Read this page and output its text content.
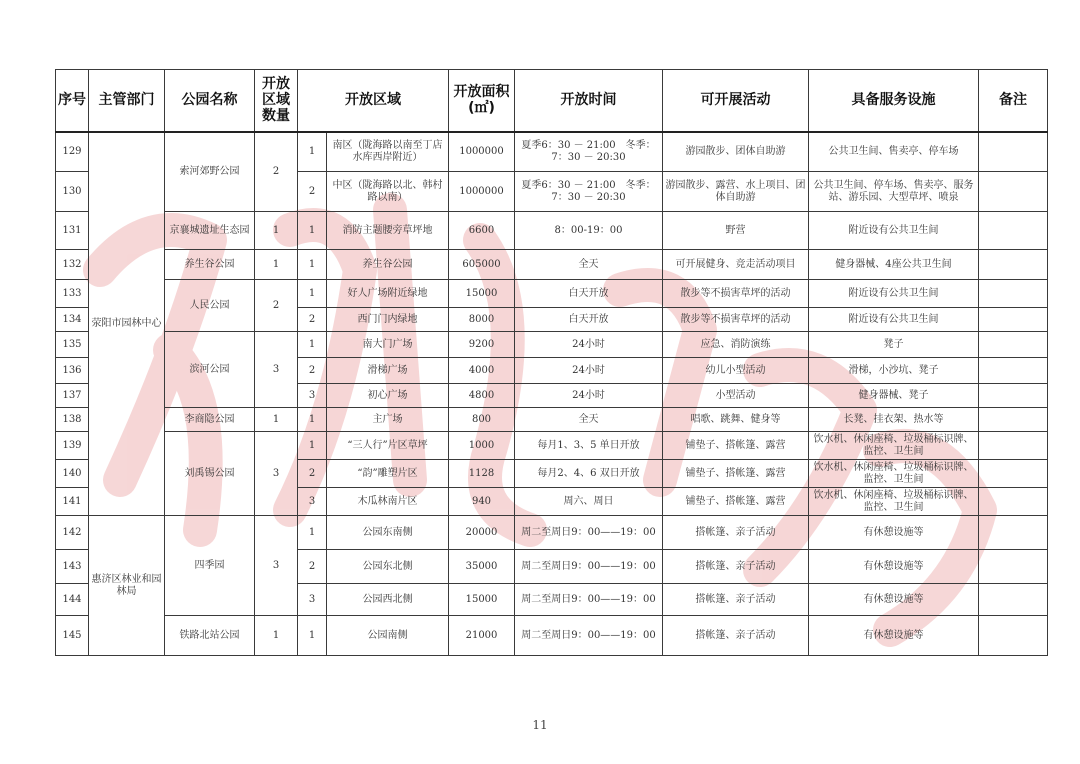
序号	主管部门	公园名称	开放区域数量	开放区域		开放面积(㎡)	开放时间	可开展活动	具备服务设施	备注
129	荥阳市园林中心	索河郊野公园	2	1	南区（陇海路以南至丁店水库西岸附近）	1000000	夏季6：30 － 21:00　冬季：7：30 － 20:30	游园散步、团体自助游	公共卫生间、售卖亭、停车场	
130				2	中区（陇海路以北、韩村路以南）	1000000	夏季6：30 － 21:00　冬季：7：30 － 20:30	游园散步、露营、水上项目、团体自助游	公共卫生间、停车场、售卖亭、服务站、游乐园、大型草坪、喷泉	
131		京襄城遗址生态园	1	1	消防主题腰旁草坪地	6600	8：00-19：00	野营	附近设有公共卫生间	
132		养生谷公园	1	1	养生谷公园	605000	全天	可开展健身、竞走活动项目	健身器械、4座公共卫生间	
133		人民公园	2	1	好人广场附近绿地	15000	白天开放	散步等不损害草坪的活动	附近设有公共卫生间	
134				2	西门门内绿地	8000	白天开放	散步等不损害草坪的活动	附近设有公共卫生间	
135		滨河公园	3	1	南大门广场	9200	24小时	应急、消防演练	凳子	
136				2	滑梯广场	4000	24小时	幼儿小型活动	滑梯，小沙坑、凳子	
137				3	初心广场	4800	24小时	小型活动	健身器械、凳子	
138		李商隐公园	1	1	主广场	800	全天	唱歌、跳舞、健身等	长凳、挂衣架、热水等	
139		刘禹锡公园	3	1	“三人行”片区草坪	1000	每月1、3、5 单日开放	铺垫子、搭帐篷、露营	饮水机、休闲座椅、垃圾桶标识牌、监控、卫生间	
140				2	“韵”雕塑片区	1128	每月2、4、6 双日开放	铺垫子、搭帐篷、露营	饮水机、休闲座椅、垃圾桶标识牌、监控、卫生间	
141				3	木瓜林南片区	940	周六、周日	铺垫子、搭帐篷、露营	饮水机、休闲座椅、垃圾桶标识牌、监控、卫生间	
142	惠济区林业和园林局	四季园	3	1	公园东南侧	20000	周二至周日9：00——19：00	搭帐篷、亲子活动	有休憩设施等	
143				2	公园东北侧	35000	周二至周日9：00——19：00	搭帐篷、亲子活动	有休憩设施等	
144				3	公园西北侧	15000	周二至周日9：00——19：00	搭帐篷、亲子活动	有休憩设施等	
145		铁路北站公园	1	1	公园南侧	21000	周二至周日9：00——19：00	搭帐篷、亲子活动	有休憩设施等	
11
